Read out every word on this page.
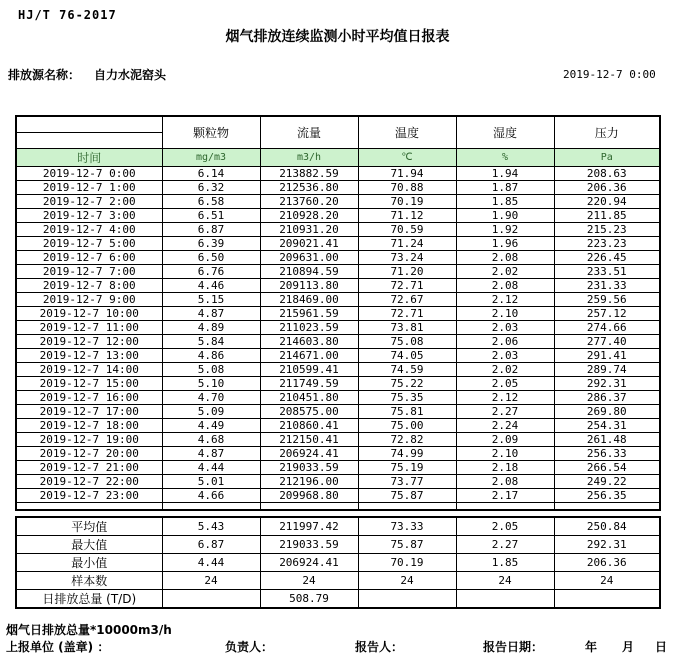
HJ/T 76-2017
烟气排放连续监测小时平均值日报表
排放源名称： 自力水泥窑头	2019-12-7 0:00
	颗粒物	流量	温度	湿度	压力

时间	mg/m3	m3/h	℃	%	Pa
2019-12-7 0:00	6.14	213882.59	71.94	1.94	208.63
2019-12-7 1:00	6.32	212536.80	70.88	1.87	206.36
2019-12-7 2:00	6.58	213760.20	70.19	1.85	220.94
2019-12-7 3:00	6.51	210928.20	71.12	1.90	211.85
2019-12-7 4:00	6.87	210931.20	70.59	1.92	215.23
2019-12-7 5:00	6.39	209021.41	71.24	1.96	223.23
2019-12-7 6:00	6.50	209631.00	73.24	2.08	226.45
2019-12-7 7:00	6.76	210894.59	71.20	2.02	233.51
2019-12-7 8:00	4.46	209113.80	72.71	2.08	231.33
2019-12-7 9:00	5.15	218469.00	72.67	2.12	259.56
2019-12-7 10:00	4.87	215961.59	72.71	2.10	257.12
2019-12-7 11:00	4.89	211023.59	73.81	2.03	274.66
2019-12-7 12:00	5.84	214603.80	75.08	2.06	277.40
2019-12-7 13:00	4.86	214671.00	74.05	2.03	291.41
2019-12-7 14:00	5.08	210599.41	74.59	2.02	289.74
2019-12-7 15:00	5.10	211749.59	75.22	2.05	292.31
2019-12-7 16:00	4.70	210451.80	75.35	2.12	286.37
2019-12-7 17:00	5.09	208575.00	75.81	2.27	269.80
2019-12-7 18:00	4.49	210860.41	75.00	2.24	254.31
2019-12-7 19:00	4.68	212150.41	72.82	2.09	261.48
2019-12-7 20:00	4.87	206924.41	74.99	2.10	256.33
2019-12-7 21:00	4.44	219033.59	75.19	2.18	266.54
2019-12-7 22:00	5.01	212196.00	73.77	2.08	249.22
2019-12-7 23:00	4.66	209968.80	75.87	2.17	256.35

平均值	5.43	211997.42	73.33	2.05	250.84
最大值	6.87	219033.59	75.87	2.27	292.31
最小值	4.44	206924.41	70.19	1.85	206.36
样本数	24	24	24	24	24
日排放总量 (T/D)		508.79			
烟气日排放总量*10000m3/h
上报单位 (盖章) ：	负责人：	报告人：	报告日期：	年 月 日
